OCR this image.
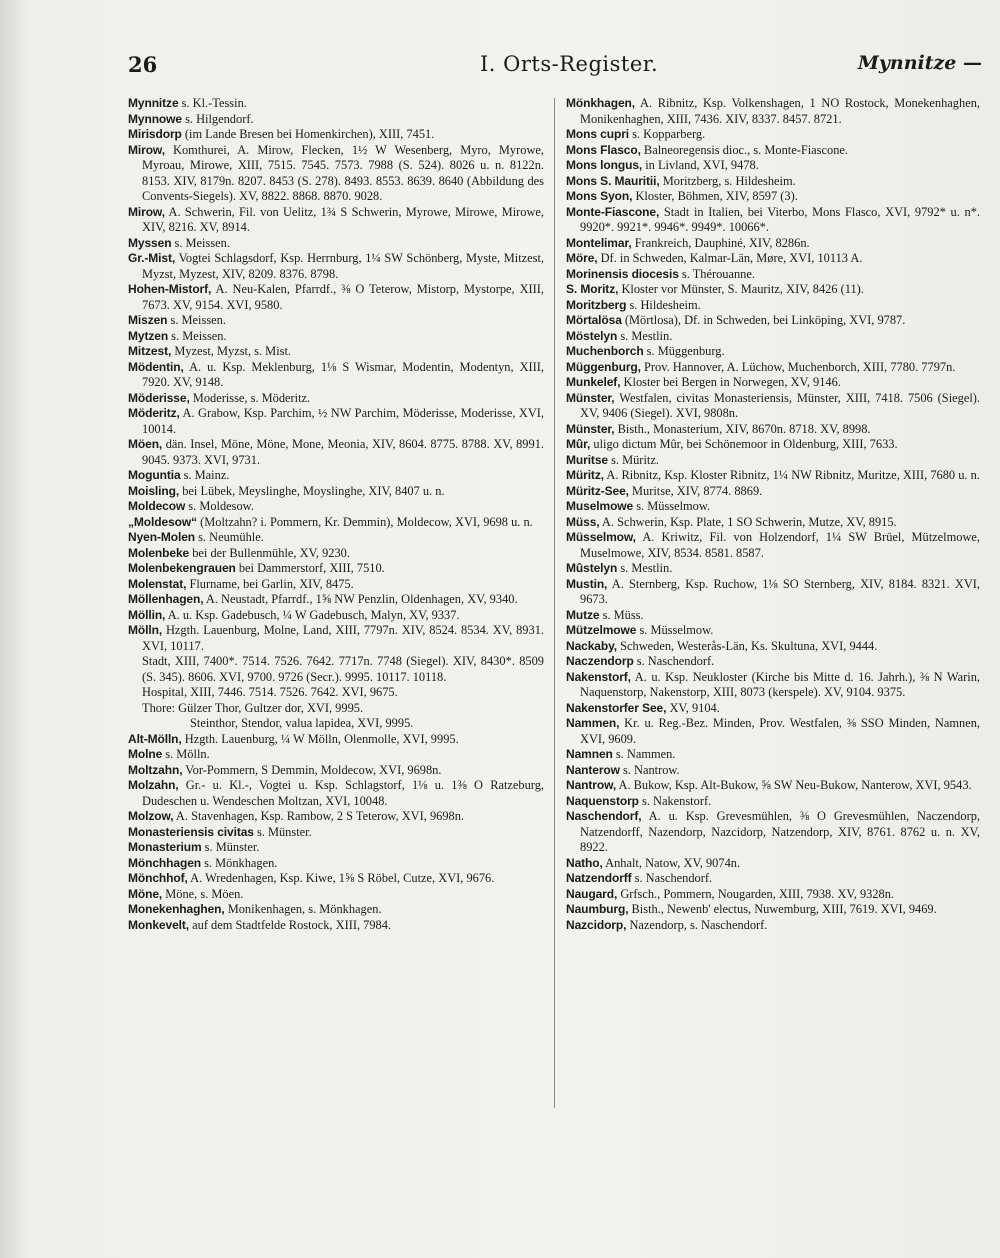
26	I. Orts-Register.	Mynnitze —

Mynnitze s. Kl.-Tessin.

Mynnowe s. Hilgendorf.

Mirisdorp (im Lande Bresen bei Homenkirchen), XIII, 7451.

Mirow, Komthurei, A. Mirow, Flecken, 1½ W Wesenberg, Myro, Myrowe, Myroau, Mirowe, XIII, 7515. 7545. 7573. 7988 (S. 524). 8026 u. n. 8122n. 8153. XIV, 8179n. 8207. 8453 (S. 278). 8493. 8553. 8639. 8640 (Abbildung des Convents-Siegels). XV, 8822. 8868. 8870. 9028.

Mirow, A. Schwerin, Fil. von Uelitz, 1¾ S Schwerin, Myrowe, Mirowe, Mirowe, XIV, 8216. XV, 8914.

Myssen s. Meissen.

Gr.-Mist, Vogtei Schlagsdorf, Ksp. Herrnburg, 1¼ SW Schönberg, Myste, Mitzest, Myzst, Myzest, XIV, 8209. 8376. 8798.

Hohen-Mistorf, A. Neu-Kalen, Pfarrdf., ⅜ O Teterow, Mistorp, Mystorpe, XIII, 7673. XV, 9154. XVI, 9580.

Miszen s. Meissen.

Mytzen s. Meissen.

Mitzest, Myzest, Myzst, s. Mist.

Mödentin, A. u. Ksp. Meklenburg, 1⅛ S Wismar, Modentin, Modentyn, XIII, 7920. XV, 9148.

Möderisse, Moderisse, s. Möderitz.

Möderitz, A. Grabow, Ksp. Parchim, ½ NW Parchim, Möderisse, Moderisse, XVI, 10014.

Möen, dän. Insel, Möne, Möne, Mone, Meonia, XIV, 8604. 8775. 8788. XV, 8991. 9045. 9373. XVI, 9731.

Moguntia s. Mainz.

Moisling, bei Lübek, Meyslinghe, Moyslinghe, XIV, 8407 u. n.

Moldecow s. Moldesow.

„Moldesow“ (Moltzahn? i. Pommern, Kr. Demmin), Moldecow, XVI, 9698 u. n.

Nyen-Molen s. Neumühle.

Molenbeke bei der Bullenmühle, XV, 9230.

Molenbekengrauen bei Dammerstorf, XIII, 7510.

Molenstat, Flurname, bei Garlin, XIV, 8475.

Möllenhagen, A. Neustadt, Pfarrdf., 1⅝ NW Penzlin, Oldenhagen, XV, 9340.

Möllin, A. u. Ksp. Gadebusch, ¼ W Gadebusch, Malyn, XV, 9337.

Mölln, Hzgth. Lauenburg, Molne, Land, XIII, 7797n. XIV, 8524. 8534. XV, 8931. XVI, 10117.

Stadt, XIII, 7400*. 7514. 7526. 7642. 7717n. 7748 (Siegel). XIV, 8430*. 8509 (S. 345). 8606. XVI, 9700. 9726 (Secr.). 9995. 10117. 10118.

Hospital, XIII, 7446. 7514. 7526. 7642. XVI, 9675.

Thore: Gülzer Thor, Gultzer dor, XVI, 9995.

Steinthor, Stendor, valua lapidea, XVI, 9995.

Alt-Mölln, Hzgth. Lauenburg, ¼ W Mölln, Olenmolle, XVI, 9995.

Molne s. Mölln.

Moltzahn, Vor-Pommern, S Demmin, Moldecow, XVI, 9698n.

Molzahn, Gr.- u. Kl.-, Vogtei u. Ksp. Schlagstorf, 1⅛ u. 1⅜ O Ratzeburg, Dudeschen u. Wendeschen Moltzan, XVI, 10048.

Molzow, A. Stavenhagen, Ksp. Rambow, 2 S Teterow, XVI, 9698n.

Monasteriensis civitas s. Münster.

Monasterium s. Münster.

Mönchhagen s. Mönkhagen.

Mönchhof, A. Wredenhagen, Ksp. Kiwe, 1⅝ S Röbel, Cutze, XVI, 9676.

Möne, Möne, s. Möen.

Monekenhaghen, Monikenhagen, s. Mönkhagen.

Monkevelt, auf dem Stadtfelde Rostock, XIII, 7984.

Mönkhagen, A. Ribnitz, Ksp. Volkenshagen, 1 NO Rostock, Monekenhaghen, Monikenhaghen, XIII, 7436. XIV, 8337. 8457. 8721.

Mons cupri s. Kopparberg.

Mons Flasco, Balneoregensis dioc., s. Monte-Fiascone.

Mons longus, in Livland, XVI, 9478.

Mons S. Mauritii, Moritzberg, s. Hildesheim.

Mons Syon, Kloster, Böhmen, XIV, 8597 (3).

Monte-Fiascone, Stadt in Italien, bei Viterbo, Mons Flasco, XVI, 9792* u. n*. 9920*. 9921*. 9946*. 9949*. 10066*.

Montelimar, Frankreich, Dauphiné, XIV, 8286n.

Möre, Df. in Schweden, Kalmar-Län, Møre, XVI, 10113 A.

Morinensis diocesis s. Thérouanne.

S. Moritz, Kloster vor Münster, S. Mauritz, XIV, 8426 (11).

Moritzberg s. Hildesheim.

Mörtalösa (Mörtlosa), Df. in Schweden, bei Linköping, XVI, 9787.

Möstelyn s. Mestlin.

Muchenborch s. Müggenburg.

Müggenburg, Prov. Hannover, A. Lüchow, Muchenborch, XIII, 7780. 7797n.

Munkelef, Kloster bei Bergen in Norwegen, XV, 9146.

Münster, Westfalen, civitas Monasteriensis, Münster, XIII, 7418. 7506 (Siegel). XV, 9406 (Siegel). XVI, 9808n.

Münster, Bisth., Monasterium, XIV, 8670n. 8718. XV, 8998.

Mûr, uligo dictum Mûr, bei Schönemoor in Oldenburg, XIII, 7633.

Muritse s. Müritz.

Müritz, A. Ribnitz, Ksp. Kloster Ribnitz, 1¼ NW Ribnitz, Muritze, XIII, 7680 u. n.

Müritz-See, Muritse, XIV, 8774. 8869.

Muselmowe s. Müsselmow.

Müss, A. Schwerin, Ksp. Plate, 1 SO Schwerin, Mutze, XV, 8915.

Müsselmow, A. Kriwitz, Fil. von Holzendorf, 1¼ SW Brüel, Mützelmowe, Muselmowe, XIV, 8534. 8581. 8587.

Mûstelyn s. Mestlin.

Mustin, A. Sternberg, Ksp. Ruchow, 1⅛ SO Sternberg, XIV, 8184. 8321. XVI, 9673.

Mutze s. Müss.

Mützelmowe s. Müsselmow.

Nackaby, Schweden, Westerås-Län, Ks. Skultuna, XVI, 9444.

Naczendorp s. Naschendorf.

Nakenstorf, A. u. Ksp. Neukloster (Kirche bis Mitte d. 16. Jahrh.), ⅜ N Warin, Naquenstorp, Nakenstorp, XIII, 8073 (kerspele). XV, 9104. 9375.

Nakenstorfer See, XV, 9104.

Nammen, Kr. u. Reg.-Bez. Minden, Prov. Westfalen, ⅜ SSO Minden, Namnen, XVI, 9609.

Namnen s. Nammen.

Nanterow s. Nantrow.

Nantrow, A. Bukow, Ksp. Alt-Bukow, ⅝ SW Neu-Bukow, Nanterow, XVI, 9543.

Naquenstorp s. Nakenstorf.

Naschendorf, A. u. Ksp. Grevesmühlen, ⅜ O Grevesmühlen, Naczendorp, Natzendorff, Nazendorp, Nazcidorp, Natzendorp, XIV, 8761. 8762 u. n. XV, 8922.

Natho, Anhalt, Natow, XV, 9074n.

Natzendorff s. Naschendorf.

Naugard, Grfsch., Pommern, Nougarden, XIII, 7938. XV, 9328n.

Naumburg, Bisth., Newenb' electus, Nuwemburg, XIII, 7619. XVI, 9469.

Nazcidorp, Nazendorp, s. Naschendorf.
